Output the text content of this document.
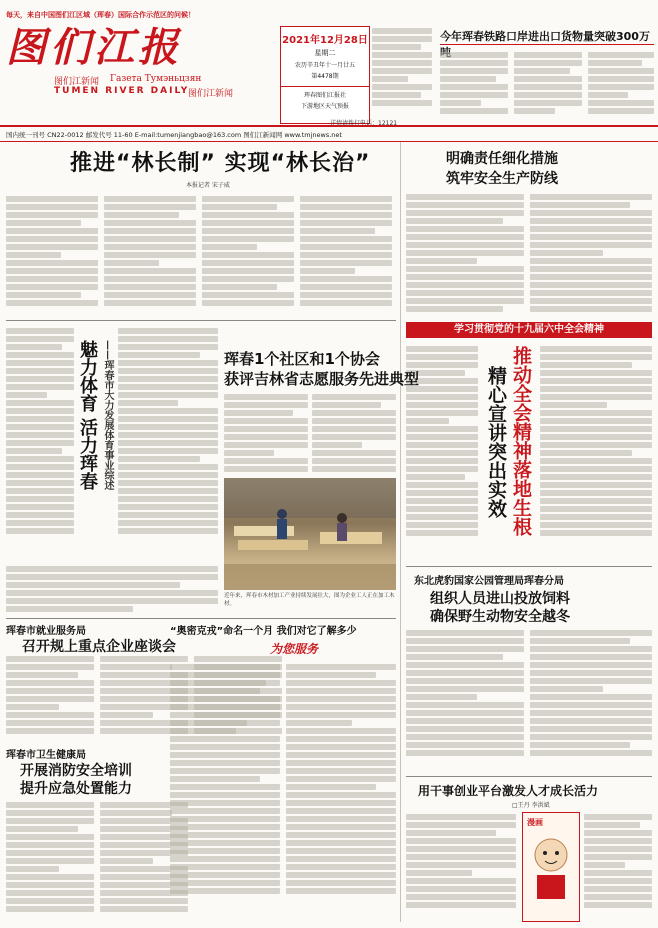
每天，来自中国图们江区域（珲春）国际合作示范区的问候！
图们江报
图们江新闻 Газета Тумэньцзян
TUMEN RIVER DAILY
图们江新闻
2021年12月28日
星期二
农历辛丑年十一月廿五
第4478期
珲春图们江报社
下游地区天气预报
详情请拨打电话：12121
今年珲春铁路口岸进出口货物量突破300万
国内统一刊号 CN22-0012 邮发代号 11-60 E-mail:tumenjiangbao@163.com 图们江新闻网 www.tmjnews.net
推进“林长制” 实现“林长治”
本报记者 宋子威
明确责任细化措施
筑牢安全生产防线
学习贯彻党的十九届六中全会精神
推动全会精神落地生根
精心宣讲突出实效
魅力体育 活力珲春 ——珲春市大力发展体育事业综述	珲春1个社区和1个协会
获评吉林省志愿服务先进典型
近年来，珲春市木材加工产业持续发展壮大，图为企业工人正在加工木材。
珲春市就业服务局
召开规上重点企业座谈会
珲春市卫生健康局
开展消防安全培训
提升应急处置能力
“奥密克戎”命名一个月 我们对它了解多少
为您服务
东北虎豹国家公园管理局珲春分局
组织人员进山投放饲料
确保野生动物安全越冬
用干事创业平台激发人才成长活力
□王丹 李洪斌
漫画
